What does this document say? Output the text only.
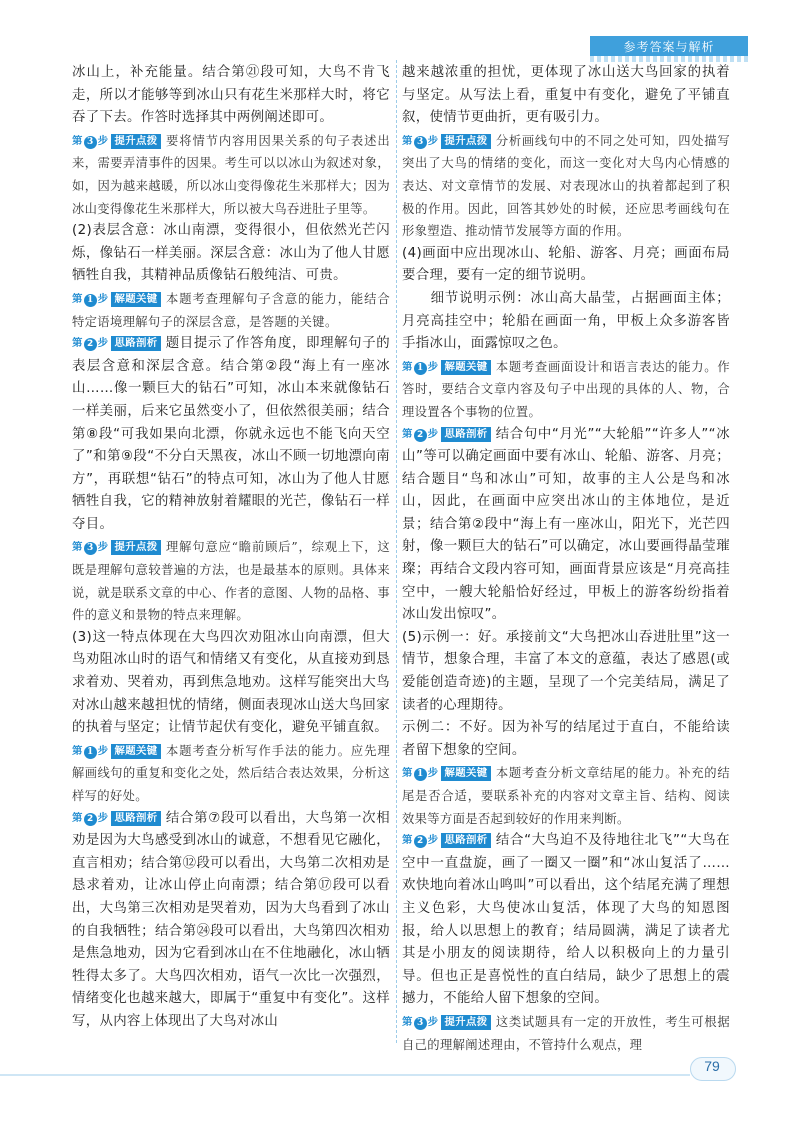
参考答案与解析

冰山上，补充能量。结合第㉑段可知，大鸟不肯飞走，所以才能够等到冰山只有花生米那样大时，将它吞了下去。作答时选择其中两例阐述即可。

第 3 步 提升点拨 要将情节内容用因果关系的句子表述出来，需要弄清事件的因果。考生可以以冰山为叙述对象，如，因为越来越暖，所以冰山变得像花生米那样大；因为冰山变得像花生米那样大，所以被大鸟吞进肚子里等。

(2)表层含意：冰山南漂，变得很小，但依然光芒闪烁，像钻石一样美丽。深层含意：冰山为了他人甘愿牺牲自我，其精神品质像钻石般纯洁、可贵。

第 1 步 解题关键 本题考查理解句子含意的能力，能结合特定语境理解句子的深层含意，是答题的关键。

第 2 步 思路剖析 题目提示了作答角度，即理解句子的表层含意和深层含意。结合第②段“海上有一座冰山……像一颗巨大的钻石”可知，冰山本来就像钻石一样美丽，后来它虽然变小了，但依然很美丽；结合第⑧段“可我如果向北漂，你就永远也不能飞向天空了”和第⑨段“不分白天黑夜，冰山不顾一切地漂向南方”，再联想“钻石”的特点可知，冰山为了他人甘愿牺牲自我，它的精神放射着耀眼的光芒，像钻石一样夺目。

第 3 步 提升点拨 理解句意应“瞻前顾后”，综观上下，这既是理解句意较普遍的方法，也是最基本的原则。具体来说，就是联系文章的中心、作者的意图、人物的品格、事件的意义和景物的特点来理解。

(3)这一特点体现在大鸟四次劝阻冰山向南漂，但大鸟劝阻冰山时的语气和情绪又有变化，从直接劝到恳求着劝、哭着劝，再到焦急地劝。这样写能突出大鸟对冰山越来越担忧的情绪，侧面表现冰山送大鸟回家的执着与坚定；让情节起伏有变化，避免平铺直叙。

第 1 步 解题关键 本题考查分析写作手法的能力。应先理解画线句的重复和变化之处，然后结合表达效果，分析这样写的好处。

第 2 步 思路剖析 结合第⑦段可以看出，大鸟第一次相劝是因为大鸟感受到冰山的诚意，不想看见它融化，直言相劝；结合第⑫段可以看出，大鸟第二次相劝是恳求着劝，让冰山停止向南漂；结合第⑰段可以看出，大鸟第三次相劝是哭着劝，因为大鸟看到了冰山的自我牺牲；结合第㉔段可以看出，大鸟第四次相劝是焦急地劝，因为它看到冰山在不住地融化，冰山牺牲得太多了。大鸟四次相劝，语气一次比一次强烈，情绪变化也越来越大，即属于“重复中有变化”。这样写，从内容上体现出了大鸟对冰山

越来越浓重的担忧，更体现了冰山送大鸟回家的执着与坚定。从写法上看，重复中有变化，避免了平铺直叙，使情节更曲折，更有吸引力。

第 3 步 提升点拨 分析画线句中的不同之处可知，四处描写突出了大鸟的情绪的变化，而这一变化对大鸟内心情感的表达、对文章情节的发展、对表现冰山的执着都起到了积极的作用。因此，回答其妙处的时候，还应思考画线句在形象塑造、推动情节发展等方面的作用。

(4)画面中应出现冰山、轮船、游客、月亮；画面布局要合理，要有一定的细节说明。

　　细节说明示例：冰山高大晶莹，占据画面主体；月亮高挂空中；轮船在画面一角，甲板上众多游客皆手指冰山，面露惊叹之色。

第 1 步 解题关键 本题考查画面设计和语言表达的能力。作答时，要结合文章内容及句子中出现的具体的人、物，合理设置各个事物的位置。

第 2 步 思路剖析 结合句中“月光”“大轮船”“许多人”“冰山”等可以确定画面中要有冰山、轮船、游客、月亮；结合题目“鸟和冰山”可知，故事的主人公是鸟和冰山，因此，在画面中应突出冰山的主体地位，是近景；结合第②段中“海上有一座冰山，阳光下，光芒四射，像一颗巨大的钻石”可以确定，冰山要画得晶莹璀璨；再结合文段内容可知，画面背景应该是“月亮高挂空中，一艘大轮船恰好经过，甲板上的游客纷纷指着冰山发出惊叹”。

(5)示例一：好。承接前文“大鸟把冰山吞进肚里”这一情节，想象合理，丰富了本文的意蕴，表达了感恩(或爱能创造奇迹)的主题，呈现了一个完美结局，满足了读者的心理期待。

示例二：不好。因为补写的结尾过于直白，不能给读者留下想象的空间。

第 1 步 解题关键 本题考查分析文章结尾的能力。补充的结尾是否合适，要联系补充的内容对文章主旨、结构、阅读效果等方面是否起到较好的作用来判断。

第 2 步 思路剖析 结合“大鸟迫不及待地往北飞”“大鸟在空中一直盘旋，画了一圈又一圈”和“冰山复活了……欢快地向着冰山鸣叫”可以看出，这个结尾充满了理想主义色彩，大鸟使冰山复活，体现了大鸟的知恩图报，给人以思想上的教育；结局圆满，满足了读者尤其是小朋友的阅读期待，给人以积极向上的力量引导。但也正是喜悦性的直白结局，缺少了思想上的震撼力，不能给人留下想象的空间。

第 3 步 提升点拨 这类试题具有一定的开放性，考生可根据自己的理解阐述理由，不管持什么观点，理

79
